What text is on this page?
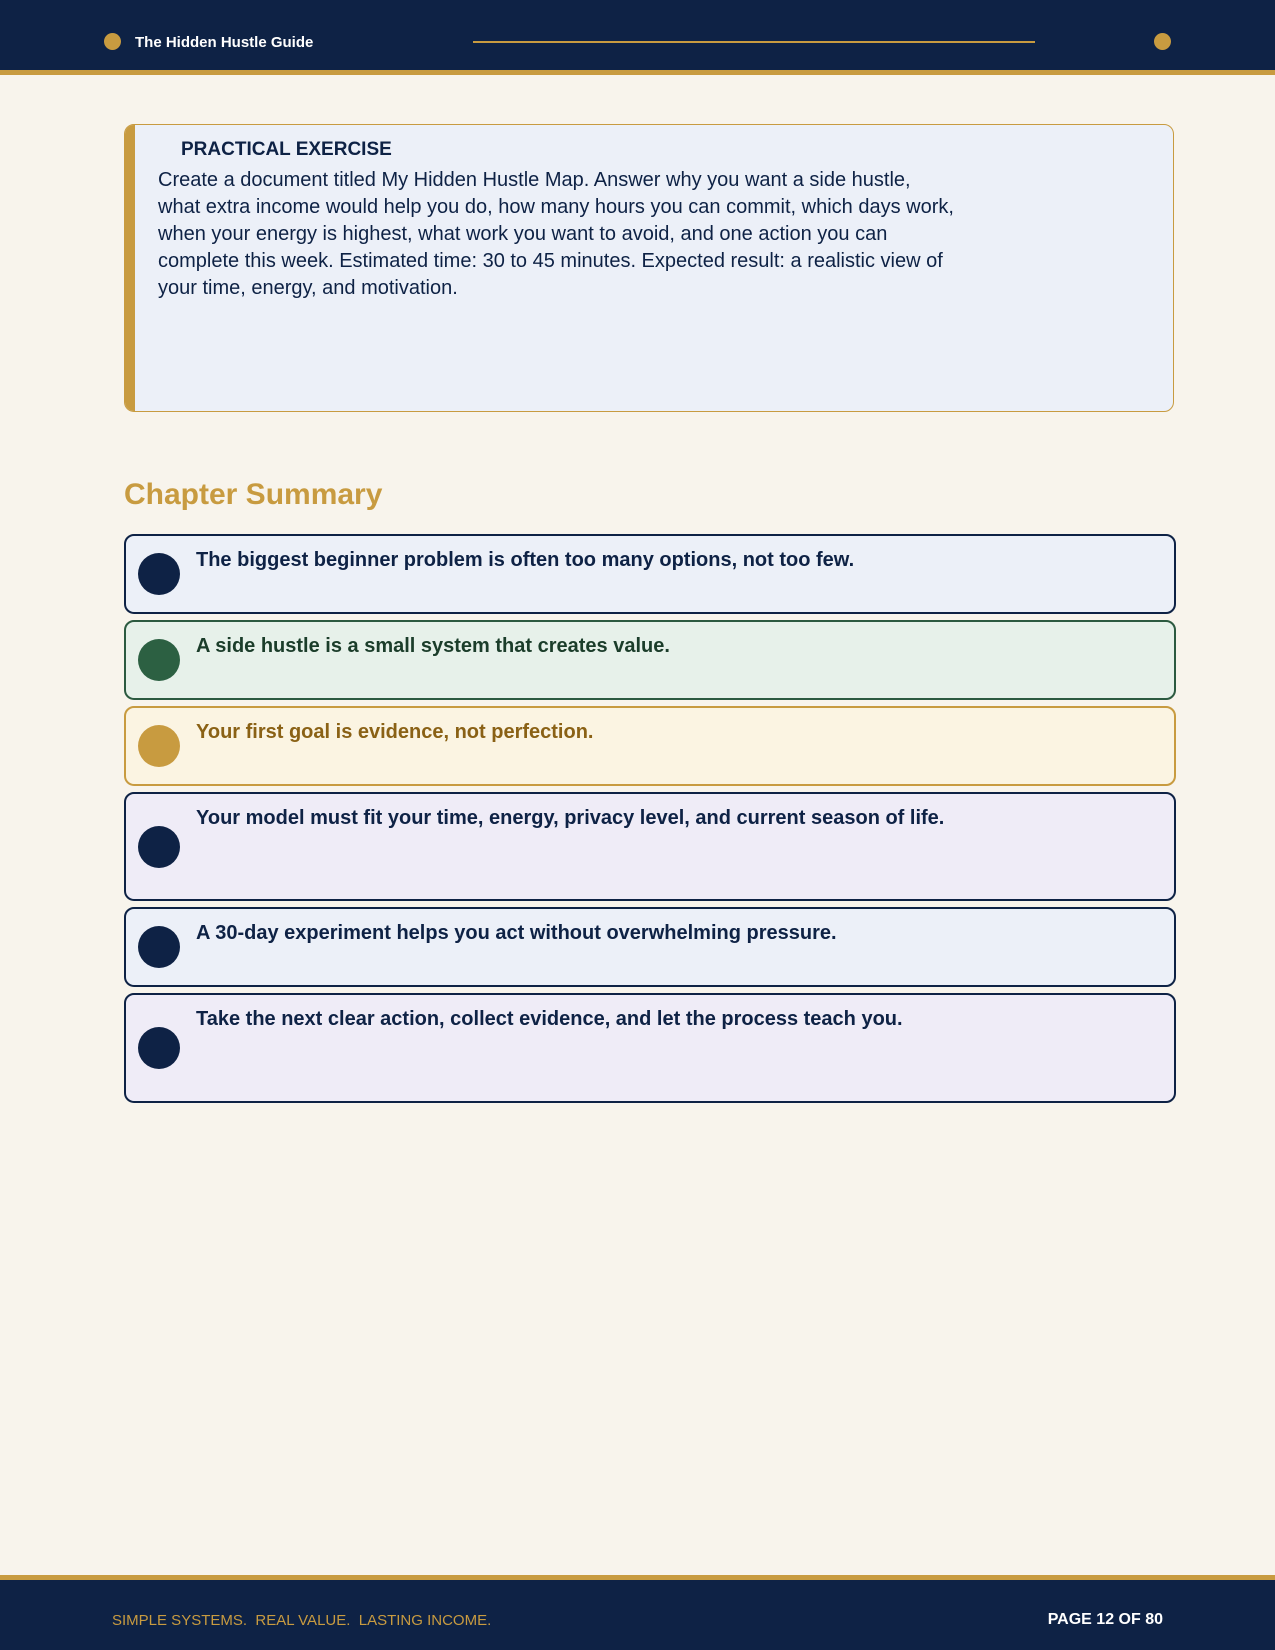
The Hidden Hustle Guide
PRACTICAL EXERCISE
Create a document titled My Hidden Hustle Map. Answer why you want a side hustle, what extra income would help you do, how many hours you can commit, which days work, when your energy is highest, what work you want to avoid, and one action you can complete this week. Estimated time: 30 to 45 minutes. Expected result: a realistic view of your time, energy, and motivation.
Chapter Summary
The biggest beginner problem is often too many options, not too few.
A side hustle is a small system that creates value.
Your first goal is evidence, not perfection.
Your model must fit your time, energy, privacy level, and current season of life.
A 30-day experiment helps you act without overwhelming pressure.
Take the next clear action, collect evidence, and let the process teach you.
SIMPLE SYSTEMS.  REAL VALUE.  LASTING INCOME.	PAGE 12 OF 80
